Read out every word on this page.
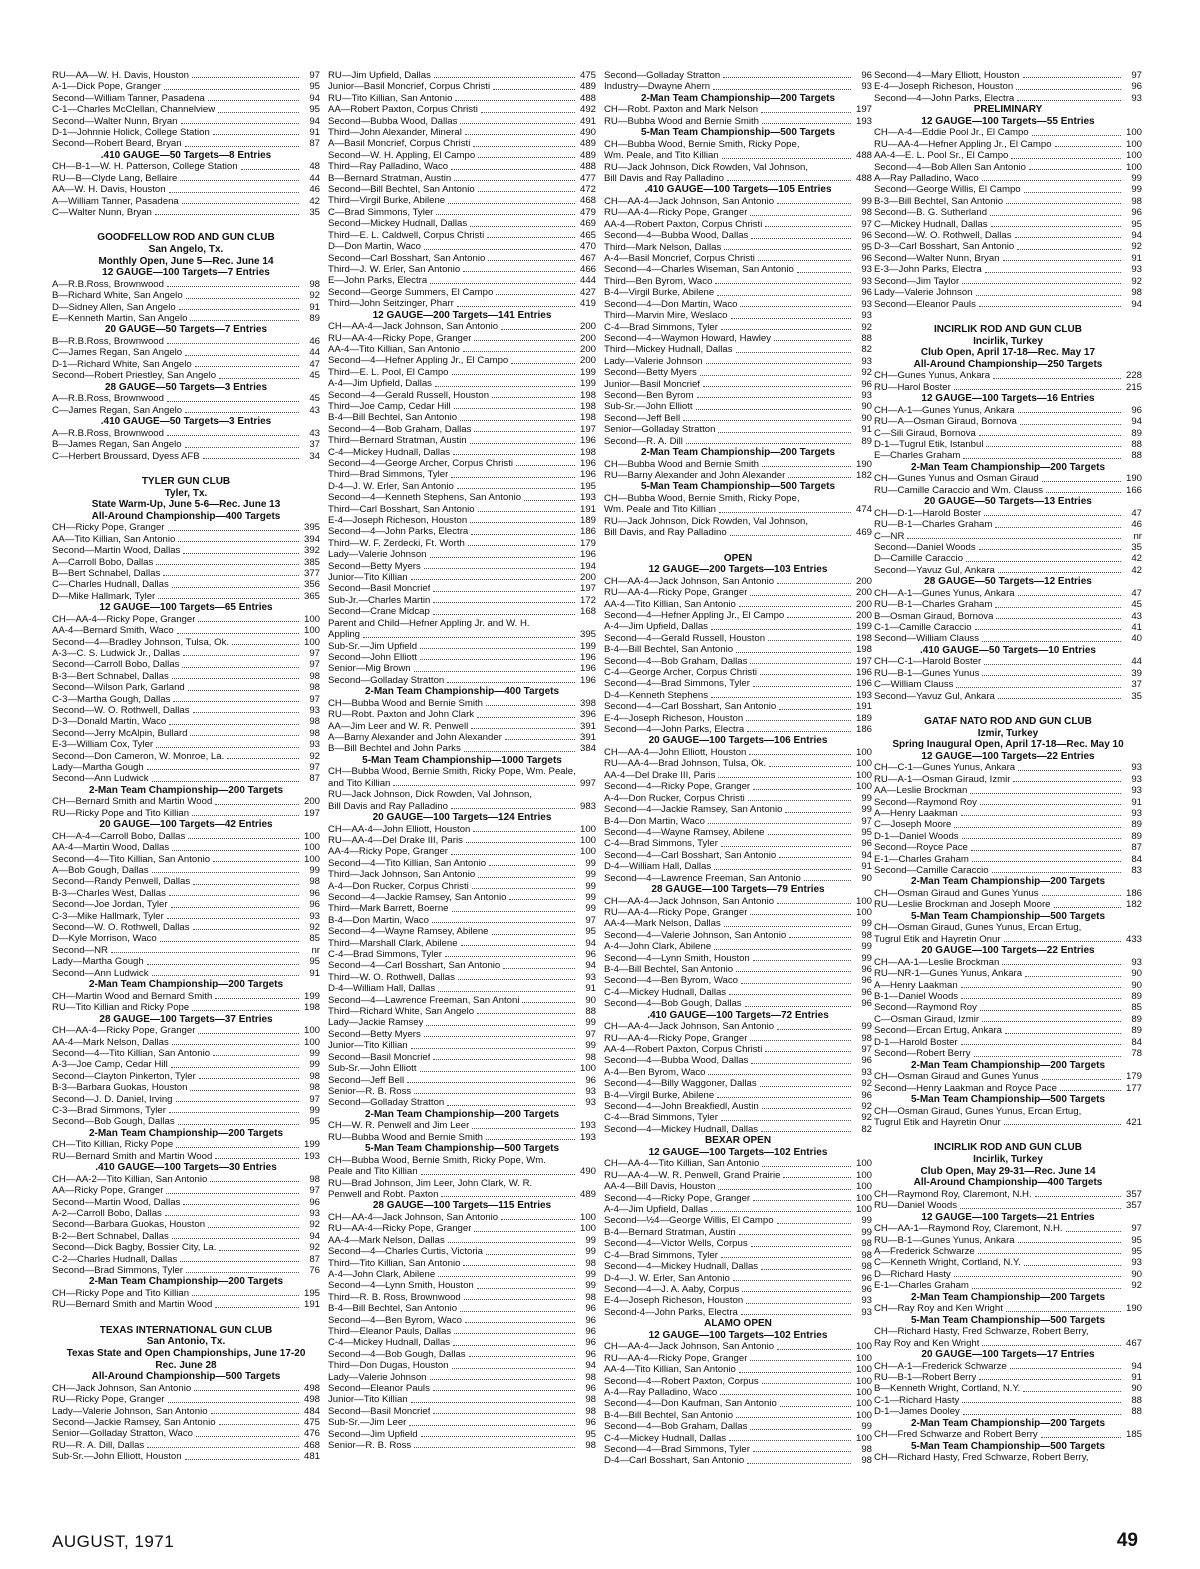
RU—AA—W. H. Davis, Houston	97
A-1—Dick Pope, Granger	95
Second—William Tanner, Pasadena	94
C-1—Charles McClellan, Channelview	95
Second—Walter Nunn, Bryan	94
D-1—Johnnie Holick, College Station	91
Second—Robert Beard, Bryan	87
.410 GAUGE—50 Targets—8 Entries
CH—B-1—W. H. Patterson, College Station	48
RU—B—Clyde Lang, Bellaire	44
AA—W. H. Davis, Houston	46
A—William Tanner, Pasadena	42
C—Walter Nunn, Bryan	35
GOODFELLOW ROD AND GUN CLUB
San Angelo, Tx.
Monthly Open, June 5—Rec. June 14
12 GAUGE—100 Targets—7 Entries
A—R.B.Ross, Brownwood	98
B—Richard White, San Angelo	92
D—Sidney Allen, San Angelo	91
E—Kenneth Martin, San Angelo	89
20 GAUGE—50 Targets—7 Entries
B—R.B.Ross, Brownwood	46
C—James Regan, San Angelo	44
D-1—Richard White, San Angelo	47
Second—Robert Priestley, San Angelo	45
28 GAUGE—50 Targets—3 Entries
A—R.B.Ross, Brownwood	45
C—James Regan, San Angelo	43
.410 GAUGE—50 Targets—3 Entries
A—R.B.Ross, Brownwood	43
B—James Regan, San Angelo	37
C—Herbert Broussard, Dyess AFB	34
TYLER GUN CLUB
Tyler, Tx.
State Warm-Up, June 5-6—Rec. June 13
All-Around Championship—400 Targets
CH—Ricky Pope, Granger	395
AA—Tito Killian, San Antonio	394
Second—Martin Wood, Dallas	392
A—Carroll Bobo, Dallas	385
B—Bert Schnabel, Dallas	377
C—Charles Hudnall, Dallas	356
D—Mike Hallmark, Tyler	365
12 GAUGE—100 Targets—65 Entries
CH—AA-4—Ricky Pope, Granger	100
AA-4—Bernard Smith, Waco	100
Second—4—Bradley Johnson, Tulsa, Ok.	100
A-3—C. S. Ludwick Jr., Dallas	97
Second—Carroll Bobo, Dallas	97
B-3—Bert Schnabel, Dallas	98
Second—Wilson Park, Garland	98
C-3—Martha Gough, Dallas	97
Second—W. O. Rothwell, Dallas	93
D-3—Donald Martin, Waco	98
Second—Jerry McAlpin, Bullard	98
E-3—William Cox, Tyler	93
Second—Don Cameron, W. Monroe, La.	92
Lady—Martha Gough	97
Second—Ann Ludwick	87
2-Man Team Championship—200 Targets
CH—Bernard Smith and Martin Wood	200
RU—Ricky Pope and Tito Killian	197
20 GAUGE—100 Targets—42 Entries
CH—A-4—Carroll Bobo, Dallas	100
AA-4—Martin Wood, Dallas	100
Second—4—Tito Killian, San Antonio	100
A—Bob Gough, Dallas	99
Second—Randy Penwell, Dallas	98
B-3—Charles West, Dallas	96
Second—Joe Jordan, Tyler	96
C-3—Mike Hallmark, Tyler	93
Second—W. O. Rothwell, Dallas	92
D—Kyle Morrison, Waco	85
Second—NR	nr
Lady—Martha Gough	95
Second—Ann Ludwick	91
2-Man Team Championship—200 Targets
CH—Martin Wood and Bernard Smith	199
RU—Tito Killian and Ricky Pope	198
28 GAUGE—100 Targets—37 Entries
CH—AA-4—Ricky Pope, Granger	100
AA-4—Mark Nelson, Dallas	100
Second—4—Tito Killian, San Antonio	99
A-3—Joe Camp, Cedar Hill	99
Second—Clayton Pinkerton, Tyler	98
B-3—Barbara Guokas, Houston	98
Second—J. D. Daniel, Irving	97
C-3—Brad Simmons, Tyler	99
Second—Bob Gough, Dallas	95
2-Man Team Championship—200 Targets
CH—Tito Killian, Ricky Pope	199
RU—Bernard Smith and Martin Wood	193
.410 GAUGE—100 Targets—30 Entries
CH—AA-2—Tito Killian, San Antonio	98
AA—Ricky Pope, Granger	97
Second—Martin Wood, Dallas	96
A-2—Carroll Bobo, Dallas	93
Second—Barbara Guokas, Houston	92
B-2—Bert Schnabel, Dallas	94
Second—Dick Bagby, Bossier City, La.	92
C-2—Charles Hudnall, Dallas	87
Second—Brad Simmons, Tyler	76
2-Man Team Championship—200 Targets
CH—Ricky Pope and Tito Killian	195
RU—Bernard Smith and Martin Wood	191
TEXAS INTERNATIONAL GUN CLUB
San Antonio, Tx.
Texas State and Open Championships, June 17-20
Rec. June 28
All-Around Championship—500 Targets
CH—Jack Johnson, San Antonio	498
RU—Ricky Pope, Granger	498
Lady—Valerie Johnson, San Antonio	484
Second—Jackie Ramsey, San Antonio	475
Senior—Golladay Stratton, Waco	476
RU—R. A. Dill, Dallas	468
Sub-Sr.—John Elliott, Houston	481
RU—Jim Upfield, Dallas	475
Junior—Basil Moncrief, Corpus Christi	489
RU—Tito Killian, San Antonio	488
AA—Robert Paxton, Corpus Christi	492
Second—Bubba Wood, Dallas	491
Third—John Alexander, Mineral	490
A—Basil Moncrief, Corpus Christi	489
Second—W. H. Appling, El Campo	489
Third—Ray Palladino, Waco	488
B—Bernard Stratman, Austin	477
Second—Bill Bechtel, San Antonio	472
Third—Virgil Burke, Abilene	468
C—Brad Simmons, Tyler	479
Second—Mickey Hudnall, Dallas	469
Third—E. L. Caldwell, Corpus Christi	465
D—Don Martin, Waco	470
Second—Carl Bosshart, San Antonio	467
Third—J. W. Erler, San Antonio	466
E—John Parks, Electra	444
Second—George Summers, El Campo	427
Third—John Seitzinger, Pharr	419
12 GAUGE—200 Targets—141 Entries
CH—AA-4—Jack Johnson, San Antonio	200
RU—AA-4—Ricky Pope, Granger	200
AA-4—Tito Killian, San Antonio	200
Second—4—Hefner Appling Jr., El Campo	200
Third—E. L. Pool, El Campo	199
A-4—Jim Upfield, Dallas	199
Second—4—Gerald Russell, Houston	198
Third—Joe Camp, Cedar Hill	198
B-4—Bill Bechtel, San Antonio	198
Second—4—Bob Graham, Dallas	197
Third—Bernard Stratman, Austin	196
C-4—Mickey Hudnall, Dallas	198
Second—4—George Archer, Corpus Christi	196
Third—Brad Simmons, Tyler	196
D-4—J. W. Erler, San Antonio	195
Second—4—Kenneth Stephens, San Antonio	193
Third—Carl Bosshart, San Antonio	191
E-4—Joseph Richeson, Houston	189
Second—4—John Parks, Electra	186
Third—W. F. Zerdecki, Ft. Worth	179
Lady—Valerie Johnson	196
Second—Betty Myers	194
Junior—Tito Killian	200
Second—Basil Moncrief	197
Sub-Jr.—Charles Martin	172
Second—Crane Midcap	168
Parent and Child—Hefner Appling Jr. and W. H.
Appling	395
Sub-Sr.—Jim Upfield	199
Second—John Elliott	196
Senior—Mig Brown	196
Second—Golladay Stratton	196
2-Man Team Championship—400 Targets
CH—Bubba Wood and Bernie Smith	398
RU—Robt. Paxton and John Clark	396
AA—Jim Leer and W. R. Penwell	391
A—Barny Alexander and John Alexander	391
B—Bill Bechtel and John Parks	384
5-Man Team Championship—1000 Targets
CH—Bubba Wood, Bernie Smith, Ricky Pope, Wm. Peale,
and Tito Killian	997
RU—Jack Johnson, Dick Rowden, Val Johnson,
Bill Davis and Ray Palladino	983
20 GAUGE—100 Targets—124 Entries
CH—AA-4—John Elliott, Houston	100
RU—AA-4—Del Drake III, Paris	100
AA-4—Ricky Pope, Granger	100
Second—4—Tito Killian, San Antonio	99
Third—Jack Johnson, San Antonio	99
A-4—Don Rucker, Corpus Christi	99
Second—4—Jackie Ramsey, San Antonio	99
Third—Mark Barrett, Boerne	99
B-4—Don Martin, Waco	97
Second—4—Wayne Ramsey, Abilene	95
Third—Marshall Clark, Abilene	94
C-4—Brad Simmons, Tyler	96
Second—4—Carl Bosshart, San Antonio	94
Third—W. O. Rothwell, Dallas	93
D-4—William Hall, Dallas	91
Second—4—Lawrence Freeman, San Antoni	90
Third—Richard White, San Angelo	88
Lady—Jackie Ramsey	99
Second—Betty Myers	97
Junior—Tito Killian	99
Second—Basil Moncrief	98
Sub-Sr.—John Elliott	100
Second—Jeff Bell	96
Senior—R. B. Ross	93
Second—Golladay Stratton	93
2-Man Team Championship—200 Targets
CH—W. R. Penwell and Jim Leer	193
RU—Bubba Wood and Bernie Smith	193
5-Man Team Championship—500 Targets
CH—Bubba Wood, Bernie Smith, Ricky Pope, Wm.
Peale and Tito Killian	490
RU—Brad Johnson, Jim Leer, John Clark, W. R.
Penwell and Robt. Paxton	489
28 GAUGE—100 Targets—115 Entries
CH—AA-4—Jack Johnson, San Antonio	100
RU—AA-4—Ricky Pope, Granger	100
AA-4—Mark Nelson, Dallas	99
Second—4—Charles Curtis, Victoria	99
Third—Tito Killian, San Antonio	98
A-4—John Clark, Abilene	99
Second—4—Lynn Smith, Houston	99
Third—R. B. Ross, Brownwood	98
B-4—Bill Bechtel, San Antonio	96
Second—4—Ben Byrom, Waco	96
Third—Eleanor Pauls, Dallas	96
C-4—Mickey Hudnall, Dallas	96
Second—4—Bob Gough, Dallas	96
Third—Don Dugas, Houston	94
Lady—Valerie Johnson	98
Second—Eleanor Pauls	96
Junior—Tito Killian	98
Second—Basil Moncrief	98
Sub-Sr.—Jim Leer	96
Second—Jim Upfield	95
Senior—R. B. Ross	98
Second—Golladay Stratton	96
Industry—Dwayne Ahern	93
2-Man Team Championship—200 Targets
CH—Robt. Paxton and Mark Nelson	197
RU—Bubba Wood and Bernie Smith	193
5-Man Team Championship—500 Targets
CH—Bubba Wood, Bernie Smith, Ricky Pope,
Wm. Peale, and Tito Killian	488
RU—Jack Johnson, Dick Rowden, Val Johnson,
Bill Davis and Ray Palladino	488
.410 GAUGE—100 Targets—105 Entries
CH—AA-4—Jack Johnson, San Antonio	99
RU—AA-4—Ricky Pope, Granger	98
AA-4—Robert Paxton, Corpus Christi	97
Second—4—Bubba Wood, Dallas	96
Third—Mark Nelson, Dallas	95
A-4—Basil Moncrief, Corpus Christi	96
Second—4—Charles Wiseman, San Antonio	93
Third—Ben Byrom, Waco	93
B-4—Virgil Burke, Abilene	96
Second—4—Don Martin, Waco	93
Third—Marvin Mire, Weslaco	93
C-4—Brad Simmons, Tyler	92
Second—4—Waymon Howard, Hawley	88
Third—Mickey Hudnall, Dallas	82
Lady—Valerie Johnson	93
Second—Betty Myers	92
Junior—Basil Moncrief	96
Second—Ben Byrom	93
Sub-Sr.—John Elliott	90
Second—Jeff Bell	90
Senior—Golladay Stratton	91
Second—R. A. Dill	89
2-Man Team Championship—200 Targets
CH—Bubba Wood and Bernie Smith	190
RU—Barny Alexander and John Alexander	182
5-Man Team Championship—500 Targets
CH—Bubba Wood, Bernie Smith, Ricky Pope,
Wm. Peale and Tito Killian	474
RU—Jack Johnson, Dick Rowden, Val Johnson,
Bill Davis, and Ray Palladino	469
OPEN
12 GAUGE—200 Targets—103 Entries
CH—AA-4—Jack Johnson, San Antonio	200
RU—AA-4—Ricky Pope, Granger	200
AA-4—Tito Killian, San Antonio	200
Second—4—Hefner Appling Jr., El Campo	200
A-4—Jim Upfield, Dallas	199
Second—4—Gerald Russell, Houston	198
B-4—Bill Bechtel, San Antonio	198
Second—4—Bob Graham, Dallas	197
C-4—George Archer, Corpus Christi	196
Second—4—Brad Simmons, Tyler	196
D-4—Kenneth Stephens	193
Second—4—Carl Bosshart, San Antonio	191
E-4—Joseph Richeson, Houston	189
Second—4—John Parks, Electra	186
20 GAUGE—100 Targets—106 Entries
CH—AA-4—John Elliott, Houston	100
RU—AA-4—Brad Johnson, Tulsa, Ok.	100
AA-4—Del Drake III, Paris	100
Second—4—Ricky Pope, Granger	100
A-4—Don Rucker, Corpus Christi	99
Second—4—Jackie Ramsey, San Antonio	99
B-4—Don Martin, Waco	97
Second—4—Wayne Ramsey, Abilene	95
C-4—Brad Simmons, Tyler	96
Second—4—Carl Bosshart, San Antonio	94
D-4—William Hall, Dallas	91
Second—4—Lawrence Freeman, San Antonio	90
28 GAUGE—100 Targets—79 Entries
CH—AA-4—Jack Johnson, San Antonio	100
RU—AA-4—Ricky Pope, Granger	100
AA-4—Mark Nelson, Dallas	99
Second—4—Valerie Johnson, San Antonio	98
A-4—John Clark, Abilene	99
Second—4—Lynn Smith, Houston	99
B-4—Bill Bechtel, San Antonio	96
Second—4—Ben Byrom, Waco	96
C-4—Mickey Hudnall, Dallas	96
Second—4—Bob Gough, Dallas	96
.410 GAUGE—100 Targets—72 Entries
CH—AA-4—Jack Johnson, San Antonio	99
RU—AA-4—Ricky Pope, Granger	98
AA-4—Robert Paxton, Corpus Christi	97
Second—4—Bubba Wood, Dallas	96
A-4—Ben Byrom, Waco	93
Second—4—Billy Waggoner, Dallas	92
B-4—Virgil Burke, Abilene	96
Second—4—John Breakfiedl, Austin	92
C-4—Brad Simmons, Tyler	92
Second—4—Mickey Hudnall, Dallas	82
BEXAR OPEN
12 GAUGE—100 Targets—102 Entries
CH—AA-4—Tito Killian, San Antonio	100
RU—AA-4—W. R. Penwell, Grand Prairie	100
AA-4—Bill Davis, Houston	100
Second—4—Ricky Pope, Granger	100
A-4—Jim Upfield, Dallas	100
Second—½4—George Willis, El Campo	99
B-4—Bernard Stratman, Austin	99
Second—4—Victor Wells, Corpus	98
C-4—Brad Simmons, Tyler	98
Second—4—Mickey Hudnall, Dallas	98
D-4—J. W. Erler, San Antonio	96
Second—4—J. A. Aaby, Corpus	96
E-4—Joseph Richeson, Houston	93
Second-4—John Parks, Electra	93
ALAMO OPEN
12 GAUGE—100 Targets—102 Entries
CH—AA-4—Jack Johnson, San Antonio	100
RU—AA-4—Ricky Pope, Granger	100
AA-4—Tito Killian, San Antonio	100
Second—4—Robert Paxton, Corpus	100
A-4—Ray Palladino, Waco	100
Second—4—Don Kaufman, San Antonio	100
B-4—Bill Bechtel, San Antonio	100
Second—4—Bob Graham, Dallas	99
C-4—Mickey Hudnall, Dallas	100
Second—4—Brad Simmons, Tyler	98
D-4—Carl Bosshart, San Antonio	98
Second—4—Mary Elliott, Houston	97
E-4—Joseph Richeson, Houston	96
Second—4—John Parks, Electra	93
PRELIMINARY
12 GAUGE—100 Targets—55 Entries
CH—A-4—Eddie Pool Jr., El Campo	100
RU—AA-4—Hefner Appling Jr., El Campo	100
AA-4—E. L. Pool Sr., El Campo	100
Second—4—Bob Allen San Antonio	100
A—Ray Palladino, Waco	99
Second—George Willis, El Campo	99
B-3—Bill Bechtel, San Antonio	98
Second—B. G. Sutherland	96
C—Mickey Hudnall, Dallas	95
Second—W. O. Rothwell, Dallas	94
D-3—Carl Bosshart, San Antonio	92
Second—Walter Nunn, Bryan	91
E-3—John Parks, Electra	93
Second—Jim Taylor	92
Lady—Valerie Johnson	98
Second—Eleanor Pauls	94
INCIRLIK ROD AND GUN CLUB
Incirlik, Turkey
Club Open, April 17-18—Rec. May 17
All-Around Championship—250 Targets
CH—Gunes Yunus, Ankara	228
RU—Harol Boster	215
12 GAUGE—100 Targets—16 Entries
CH—A-1—Gunes Yunus, Ankara	96
RU—A—Osman Giraud, Bornova	94
C—Sili Giraud, Bornova	89
D-1—Tugrul Etik, Istanbul	88
E—Charles Graham	88
2-Man Team Championship—200 Targets
CH—Gunes Yunus and Osman Giraud	190
RU—Camille Caraccio and Wm. Clauss	166
20 GAUGE—50 Targets—13 Entries
CH—D-1—Harold Boster	47
RU—B-1—Charles Graham	46
C—NR	nr
Second—Daniel Woods	35
D—Camille Caraccio	42
Second—Yavuz Gul, Ankara	42
28 GAUGE—50 Targets—12 Entries
CH—A-1—Gunes Yunus, Ankara	47
RU—B-1—Charles Graham	45
B—Osman Giraud, Bornova	43
C-1—Camille Caraccio	41
Second—William Clauss	40
.410 GAUGE—50 Targets—10 Entries
CH—C-1—Harold Boster	44
RU—B-1—Gunes Yunus	39
C—William Clauss	37
Second—Yavuz Gul, Ankara	35
GATAF NATO ROD AND GUN CLUB
Izmir, Turkey
Spring Inaugural Open, April 17-18—Rec. May 10
12 GAUGE—100 Targets—22 Entries
CH—C-1—Gunes Yunus, Ankara	93
RU—A-1—Osman Giraud, Izmir	93
AA—Leslie Brockman	93
Second—Raymond Roy	91
A—Henry Laakman	93
C—Joseph Moore	89
D-1—Daniel Woods	89
Second—Royce Pace	87
E-1—Charles Graham	84
Second—Camille Caraccio	83
2-Man Team Championship—200 Targets
CH—Osman Giraud and Gunes Yunus	186
RU—Leslie Brockman and Joseph Moore	182
5-Man Team Championship—500 Targets
CH—Osman Giraud, Gunes Yunus, Ercan Ertug,
Tugrul Etik and Hayretin Onur	433
20 GAUGE—100 Targets—22 Entries
CH—AA-1—Leslie Brockman	93
RU—NR-1—Gunes Yunus, Ankara	90
A—Henry Laakman	90
B-1—Daniel Woods	89
Second—Raymond Roy	85
C—Osman Giraud, Izmir	89
Second—Ercan Ertug, Ankara	89
D-1—Harold Boster	84
Second—Robert Berry	78
2-Man Team Championship—200 Targets
CH—Osman Giraud and Gunes Yunus	179
Second—Henry Laakman and Royce Pace	177
5-Man Team Championship—500 Targets
CH—Osman Giraud, Gunes Yunus, Ercan Ertug,
Tugrul Etik and Hayretin Onur	421
INCIRLIK ROD AND GUN CLUB
Incirlik, Turkey
Club Open, May 29-31—Rec. June 14
All-Around Championship—400 Targets
CH—Raymond Roy, Claremont, N.H.	357
RU—Daniel Woods	357
12 GAUGE—100 Targets—21 Entries
CH—AA-1—Raymond Roy, Claremont, N.H.	97
RU—B-1—Gunes Yunus, Ankara	95
A—Frederick Schwarze	95
C—Kenneth Wright, Cortland, N.Y.	93
D—Richard Hasty	90
E-1—Charles Graham	92
2-Man Team Championship—200 Targets
CH—Ray Roy and Ken Wright	190
5-Man Team Championship—500 Targets
CH—Richard Hasty, Fred Schwarze, Robert Berry,
Ray Roy and Ken Wright	467
20 GAUGE—100 Targets—17 Entries
CH—A-1—Frederick Schwarze	94
RU—B-1—Robert Berry	91
B—Kenneth Wright, Cortland, N.Y.	90
C-1—Richard Hasty	88
D-1—James Dooley	88
2-Man Team Championship—200 Targets
CH—Fred Schwarze and Robert Berry	185
5-Man Team Championship—500 Targets
CH—Richard Hasty, Fred Schwarze, Robert Berry,
AUGUST, 1971	49
